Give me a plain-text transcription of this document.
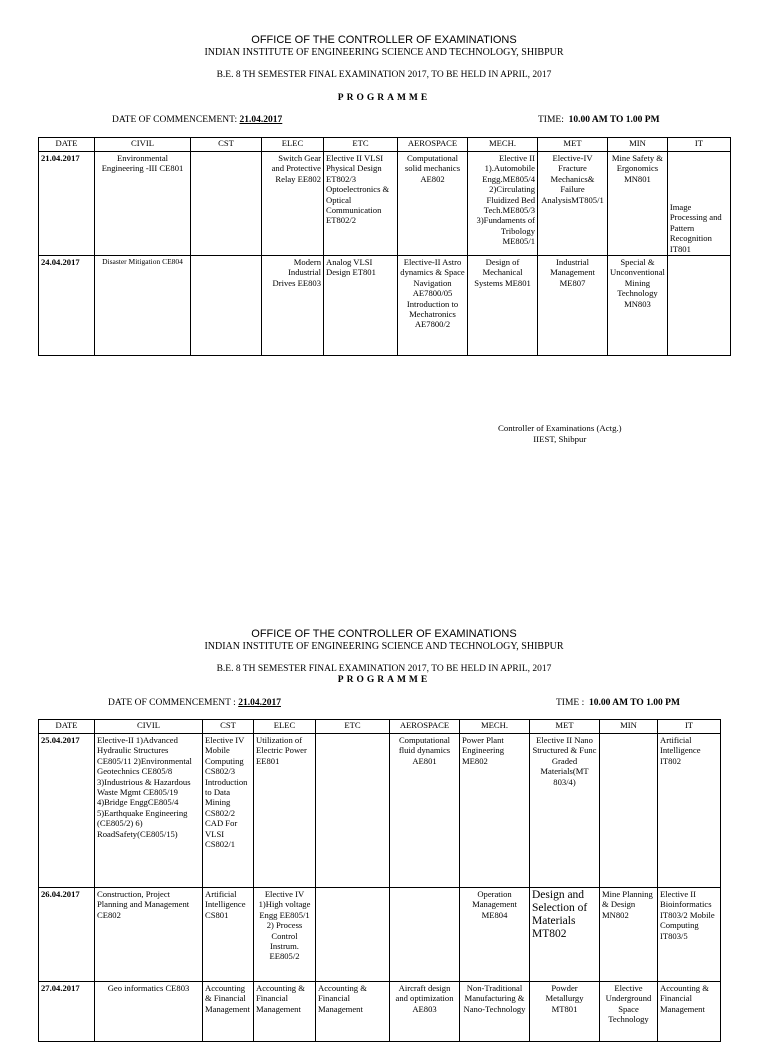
OFFICE OF THE CONTROLLER OF EXAMINATIONS

INDIAN INSTITUTE OF ENGINEERING SCIENCE AND TECHNOLOGY, SHIBPUR

B.E. 8 TH SEMESTER FINAL EXAMINATION 2017, TO BE HELD IN APRIL, 2017

PROGRAMME

DATE OF COMMENCEMENT: 21.04.2017	TIME: 10.00 AM TO 1.00 PM
DATE	CIVIL	CST	ELEC	ETC	AEROSPACE	MECH.	MET	MIN	IT
21.04.2017	Environmental Engineering -III CE801		Switch Gear and Protective Relay EE802	Elective II VLSI Physical Design ET802/3 Optoelectronics & Optical Communication ET802/2	Computational solid mechanics AE802	Elective II 1).Automobile Engg.ME805/4 2)Circulating Fluidized Bed Tech.ME805/3 3)Fundaments of Tribology ME805/1	Elective-IV Fracture Mechanics& Failure AnalysisMT805/1	Mine Safety & Ergonomics MN801	Image Processing and Pattern Recognition IT801
24.04.2017	Disaster Mitigation CE804		Modern Industrial Drives EE803	Analog VLSI Design ET801	Elective-II Astro dynamics & Space Navigation AE7800/05 Introduction to Mechatronics AE7800/2	Design of Mechanical Systems ME801	Industrial Management ME807	Special & Unconventional Mining Technology MN803	
Controller of Examinations (Actg.)
IIEST, Shibpur

OFFICE OF THE CONTROLLER OF EXAMINATIONS

INDIAN INSTITUTE OF ENGINEERING SCIENCE AND TECHNOLOGY, SHIBPUR

B.E. 8 TH SEMESTER FINAL EXAMINATION 2017, TO BE HELD IN APRIL, 2017

PROGRAMME

DATE OF COMMENCEMENT : 21.04.2017	TIME : 10.00 AM TO 1.00 PM
DATE	CIVIL	CST	ELEC	ETC	AEROSPACE	MECH.	MET	MIN	IT
25.04.2017	Elective-II 1)Advanced Hydraulic Structures CE805/11 2)Environmental Geotechnics CE805/8 3)Industrious & Hazardous Waste Mgmt CE805/19 4)Bridge EnggCE805/4 5)Earthquake Engineering (CE805/2) 6) RoadSafety(CE805/15)	Elective IV Mobile Computing CS802/3 Introduction to Data Mining CS802/2 CAD For VLSI CS802/1	Utilization of Electric Power EE801		Computational fluid dynamics AE801	Power Plant Engineering ME802	Elective II Nano Structured & Func Graded Materials(MT 803/4)		Artificial Intelligence IT802
26.04.2017	Construction, Project Planning and Management CE802	Artificial Intelligence CS801	Elective IV 1)High voltage Engg EE805/1 2) Process Control Instrum. EE805/2			Operation Management ME804	Design and Selection of Materials MT802	Mine Planning & Design MN802	Elective II Bioinformatics IT803/2 Mobile Computing IT803/5
27.04.2017	Geo informatics CE803	Accounting & Financial Management	Accounting & Financial Management	Accounting & Financial Management	Aircraft design and optimization AE803	Non-Traditional Manufacturing & Nano-Technology	Powder Metallurgy MT801	Elective Underground Space Technology	Accounting & Financial Management
